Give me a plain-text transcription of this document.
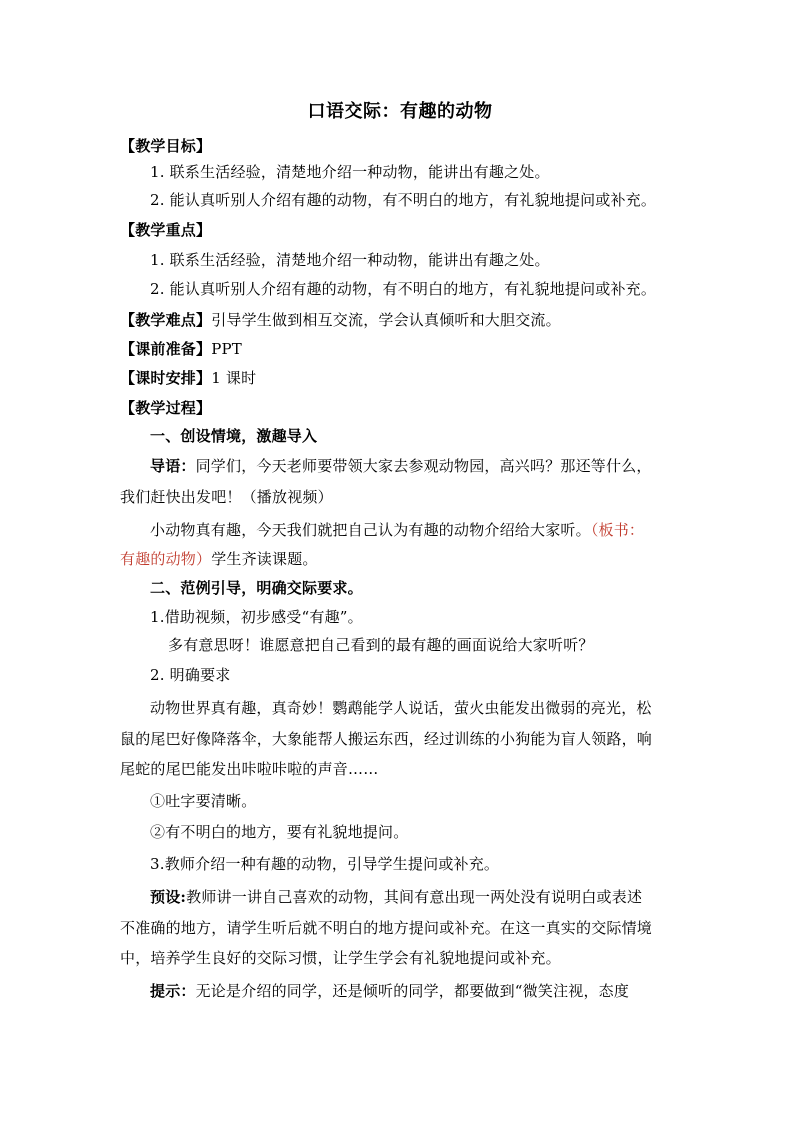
口语交际：有趣的动物
【教学目标】
1. 联系生活经验，清楚地介绍一种动物，能讲出有趣之处。
2. 能认真听别人介绍有趣的动物，有不明白的地方，有礼貌地提问或补充。
【教学重点】
1. 联系生活经验，清楚地介绍一种动物，能讲出有趣之处。
2. 能认真听别人介绍有趣的动物，有不明白的地方，有礼貌地提问或补充。
【教学难点】引导学生做到相互交流，学会认真倾听和大胆交流。
【课前准备】PPT
【课时安排】1 课时
【教学过程】
一、创设情境，激趣导入
导语：同学们，今天老师要带领大家去参观动物园，高兴吗？那还等什么，
我们赶快出发吧！（播放视频）
小动物真有趣，今天我们就把自己认为有趣的动物介绍给大家听。（板书：
有趣的动物）学生齐读课题。
二、范例引导，明确交际要求。
1.借助视频，初步感受“有趣”。
多有意思呀！谁愿意把自己看到的最有趣的画面说给大家听听？
2. 明确要求
动物世界真有趣，真奇妙！鹦鹉能学人说话，萤火虫能发出微弱的亮光，松
鼠的尾巴好像降落伞，大象能帮人搬运东西，经过训练的小狗能为盲人领路，响
尾蛇的尾巴能发出咔啦咔啦的声音……
①吐字要清晰。
②有不明白的地方，要有礼貌地提问。
3.教师介绍一种有趣的动物，引导学生提问或补充。
预设:教师讲一讲自己喜欢的动物，其间有意出现一两处没有说明白或表述
不准确的地方，请学生听后就不明白的地方提问或补充。在这一真实的交际情境
中，培养学生良好的交际习惯，让学生学会有礼貌地提问或补充。
提示：无论是介绍的同学，还是倾听的同学，都要做到“微笑注视，态度
